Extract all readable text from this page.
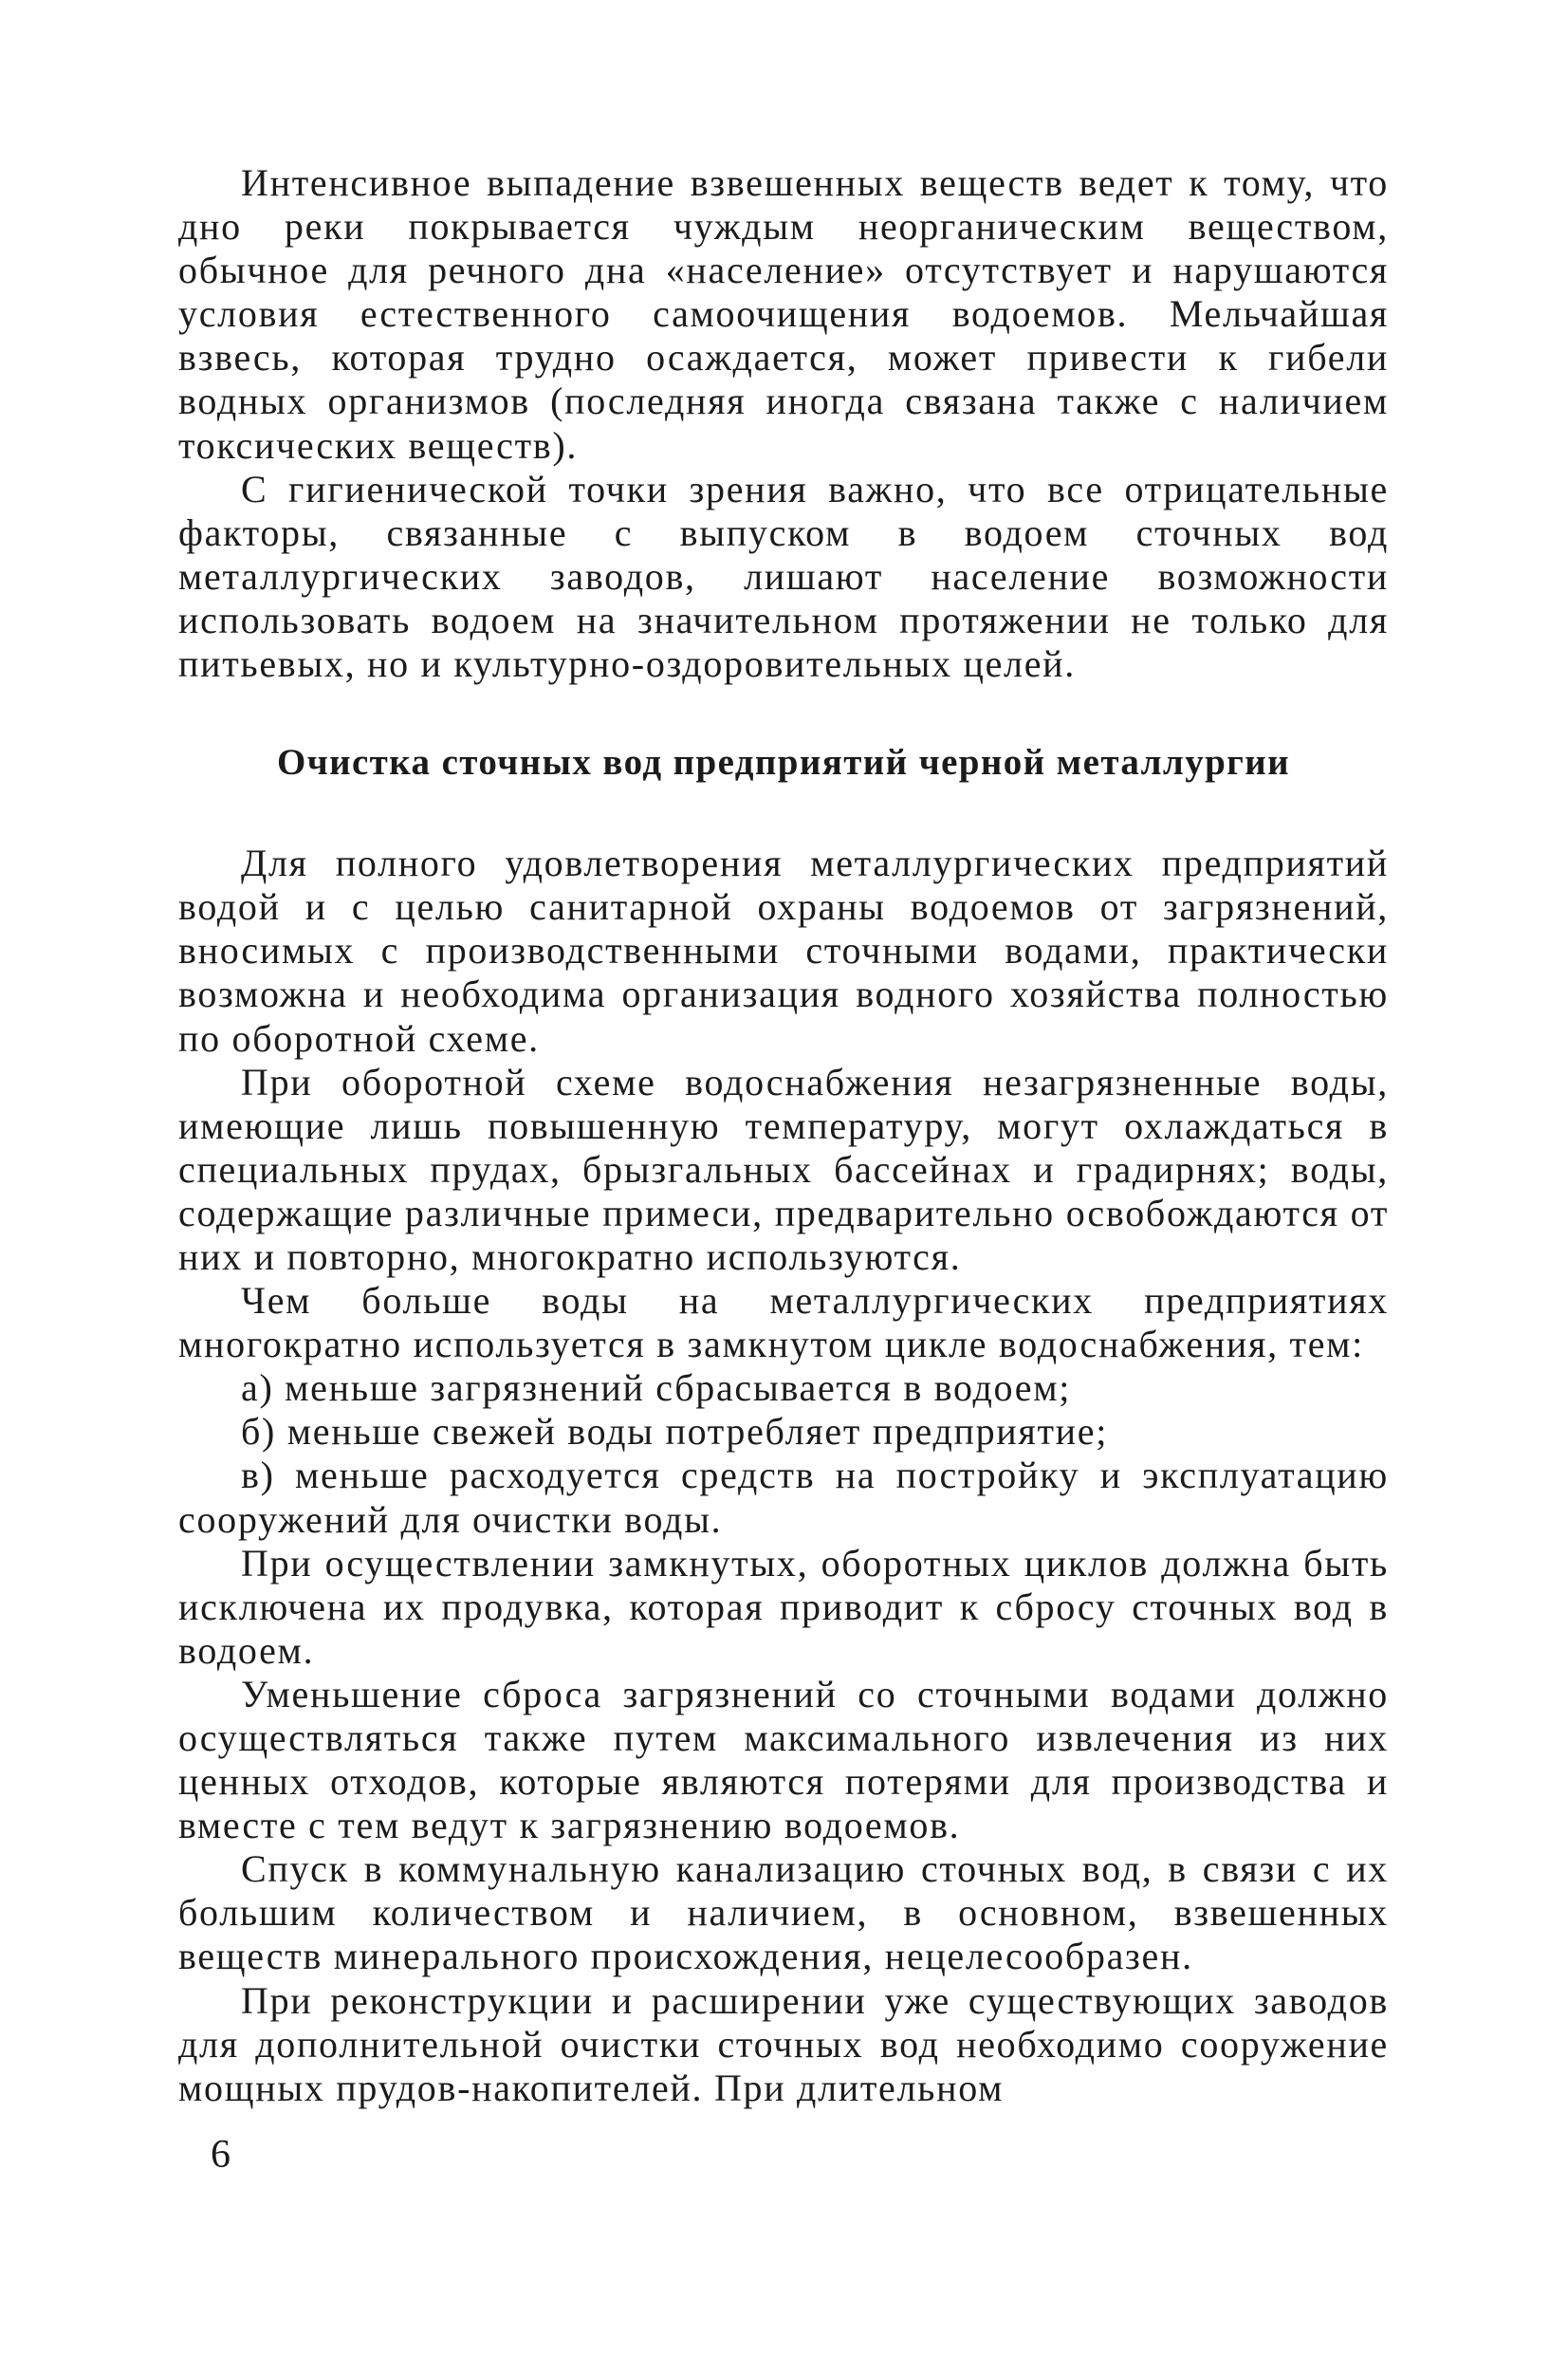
Интенсивное выпадение взвешенных веществ ведет к тому, что дно реки покрывается чуждым неорганическим веществом, обычное для речного дна «население» отсутствует и нарушаются условия естественного самоочищения водоемов. Мельчайшая взвесь, которая трудно осаждается, может привести к гибели водных организмов (последняя иногда связана также с наличием токсических веществ).

С гигиенической точки зрения важно, что все отрицательные факторы, связанные с выпуском в водоем сточных вод металлургических заводов, лишают население возможности использовать водоем на значительном протяжении не только для питьевых, но и культурно-оздоровительных целей.

Очистка сточных вод предприятий черной металлургии

Для полного удовлетворения металлургических предприятий водой и с целью санитарной охраны водоемов от загрязнений, вносимых с производственными сточными водами, практически возможна и необходима организация водного хозяйства полностью по оборотной схеме.

При оборотной схеме водоснабжения незагрязненные воды, имеющие лишь повышенную температуру, могут охлаждаться в специальных прудах, брызгальных бассейнах и градирнях; воды, содержащие различные примеси, предварительно освобождаются от них и повторно, многократно используются.

Чем больше воды на металлургических предприятиях многократно используется в замкнутом цикле водоснабжения, тем:

а) меньше загрязнений сбрасывается в водоем;

б) меньше свежей воды потребляет предприятие;

в) меньше расходуется средств на постройку и эксплуатацию сооружений для очистки воды.

При осуществлении замкнутых, оборотных циклов должна быть исключена их продувка, которая приводит к сбросу сточных вод в водоем.

Уменьшение сброса загрязнений со сточными водами должно осуществляться также путем максимального извлечения из них ценных отходов, которые являются потерями для производства и вместе с тем ведут к загрязнению водоемов.

Спуск в коммунальную канализацию сточных вод, в связи с их большим количеством и наличием, в основном, взвешенных веществ минерального происхождения, нецелесообразен.

При реконструкции и расширении уже существующих заводов для дополнительной очистки сточных вод необходимо сооружение мощных прудов-накопителей. При длительном

6
